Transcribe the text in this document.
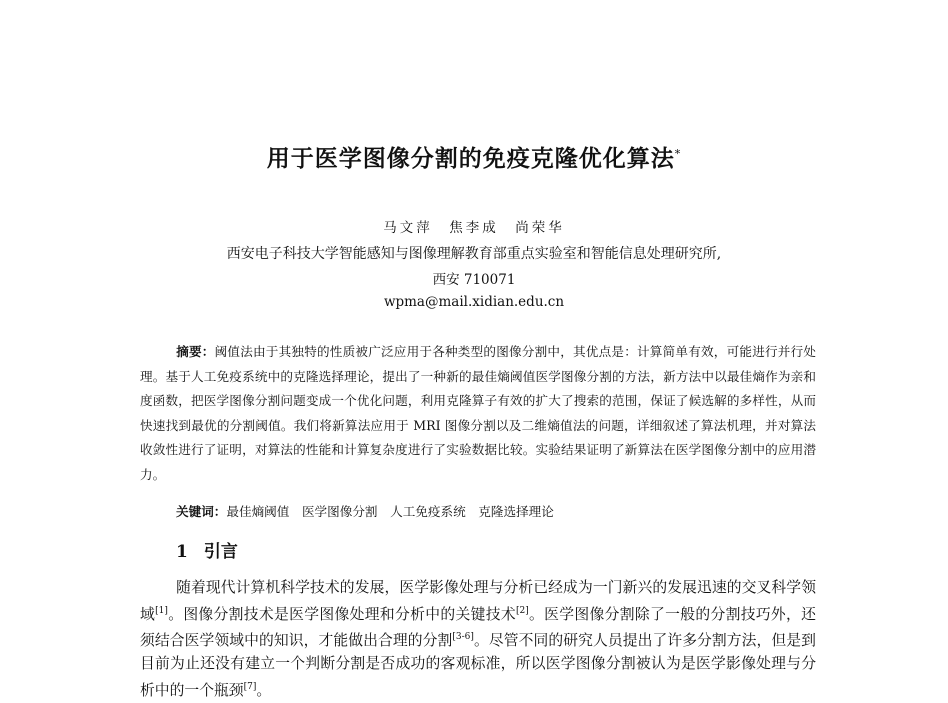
用于医学图像分割的免疫克隆优化算法*
马文萍　焦李成　尚荣华
西安电子科技大学智能感知与图像理解教育部重点实验室和智能信息处理研究所,
西安 710071
wpma@mail.xidian.edu.cn
摘要：阈值法由于其独特的性质被广泛应用于各种类型的图像分割中，其优点是：计算简单有效，可能进行并行处理。基于人工免疫系统中的克隆选择理论，提出了一种新的最佳熵阈值医学图像分割的方法，新方法中以最佳熵作为亲和度函数，把医学图像分割问题变成一个优化问题，利用克隆算子有效的扩大了搜索的范围，保证了候选解的多样性，从而快速找到最优的分割阈值。我们将新算法应用于 MRI 图像分割以及二维熵值法的问题，详细叙述了算法机理，并对算法收敛性进行了证明，对算法的性能和计算复杂度进行了实验数据比较。实验结果证明了新算法在医学图像分割中的应用潜力。
关键词：最佳熵阈值　医学图像分割　人工免疫系统　克隆选择理论
1 引言
随着现代计算机科学技术的发展，医学影像处理与分析已经成为一门新兴的发展迅速的交叉科学领域[1]。图像分割技术是医学图像处理和分析中的关键技术[2]。医学图像分割除了一般的分割技巧外，还须结合医学领域中的知识，才能做出合理的分割[3-6]。尽管不同的研究人员提出了许多分割方法，但是到目前为止还没有建立一个判断分割是否成功的客观标准，所以医学图像分割被认为是医学影像处理与分析中的一个瓶颈[7]。
